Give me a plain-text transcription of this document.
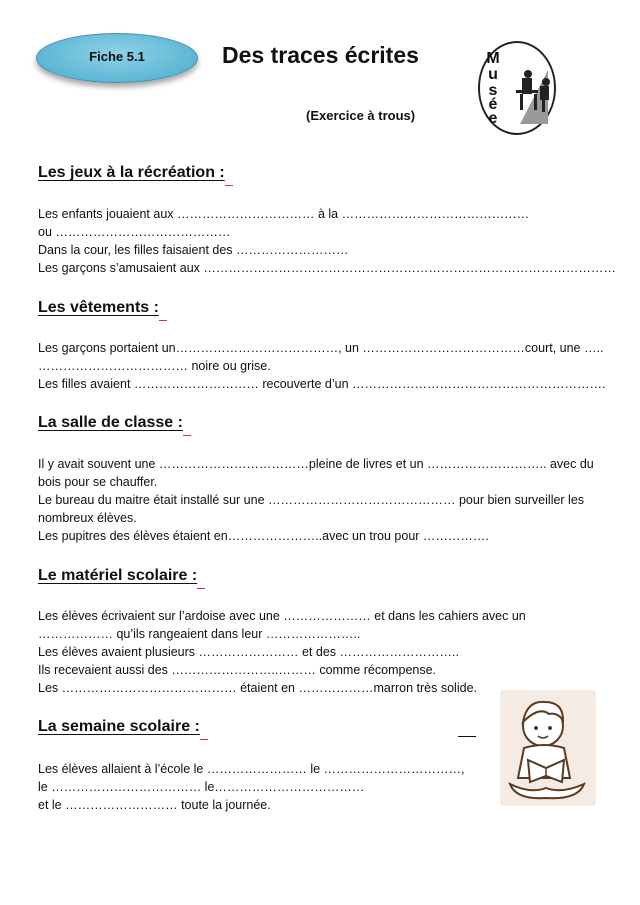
Fiche 5.1	Des traces écrites
(Exercice à trous)
M
u
s
é
e
Les jeux à la récréation :
Les enfants jouaient aux …………………………… à la ………………………………………
ou ……………………………………
Dans la cour, les filles faisaient des ………………………
Les garçons s’amusaient aux ………………………………………………………………………………………
Les vêtements :
Les garçons portaient un…………………………………, un …………………………………court, une …..
……………………………… noire ou grise.
Les filles avaient ………………………… recouverte d’un …………………………………………………….
La salle de classe :
Il y avait souvent une ………………………………pleine de livres et un ……………………….. avec du
bois pour se chauffer.
Le bureau du maitre était installé sur une ……………………………………… pour bien surveiller les
nombreux élèves.
Les pupitres des élèves étaient en…………………..avec un trou pour …………….
Le matériel scolaire :
Les élèves écrivaient sur l’ardoise avec une ………………… et dans les cahiers avec un
……………… qu’ils rangeaient dans leur …………………..
Les élèves avaient plusieurs …………………… et des ………………………..
Ils recevaient aussi des ……………………..……… comme récompense.
Les …………………………………… étaient en ………………marron très solide.
La semaine scolaire :
Les élèves allaient à l’école le …………………… le ……………………………,
le ……………………………… le………………………………
et le ……………………… toute la journée.
